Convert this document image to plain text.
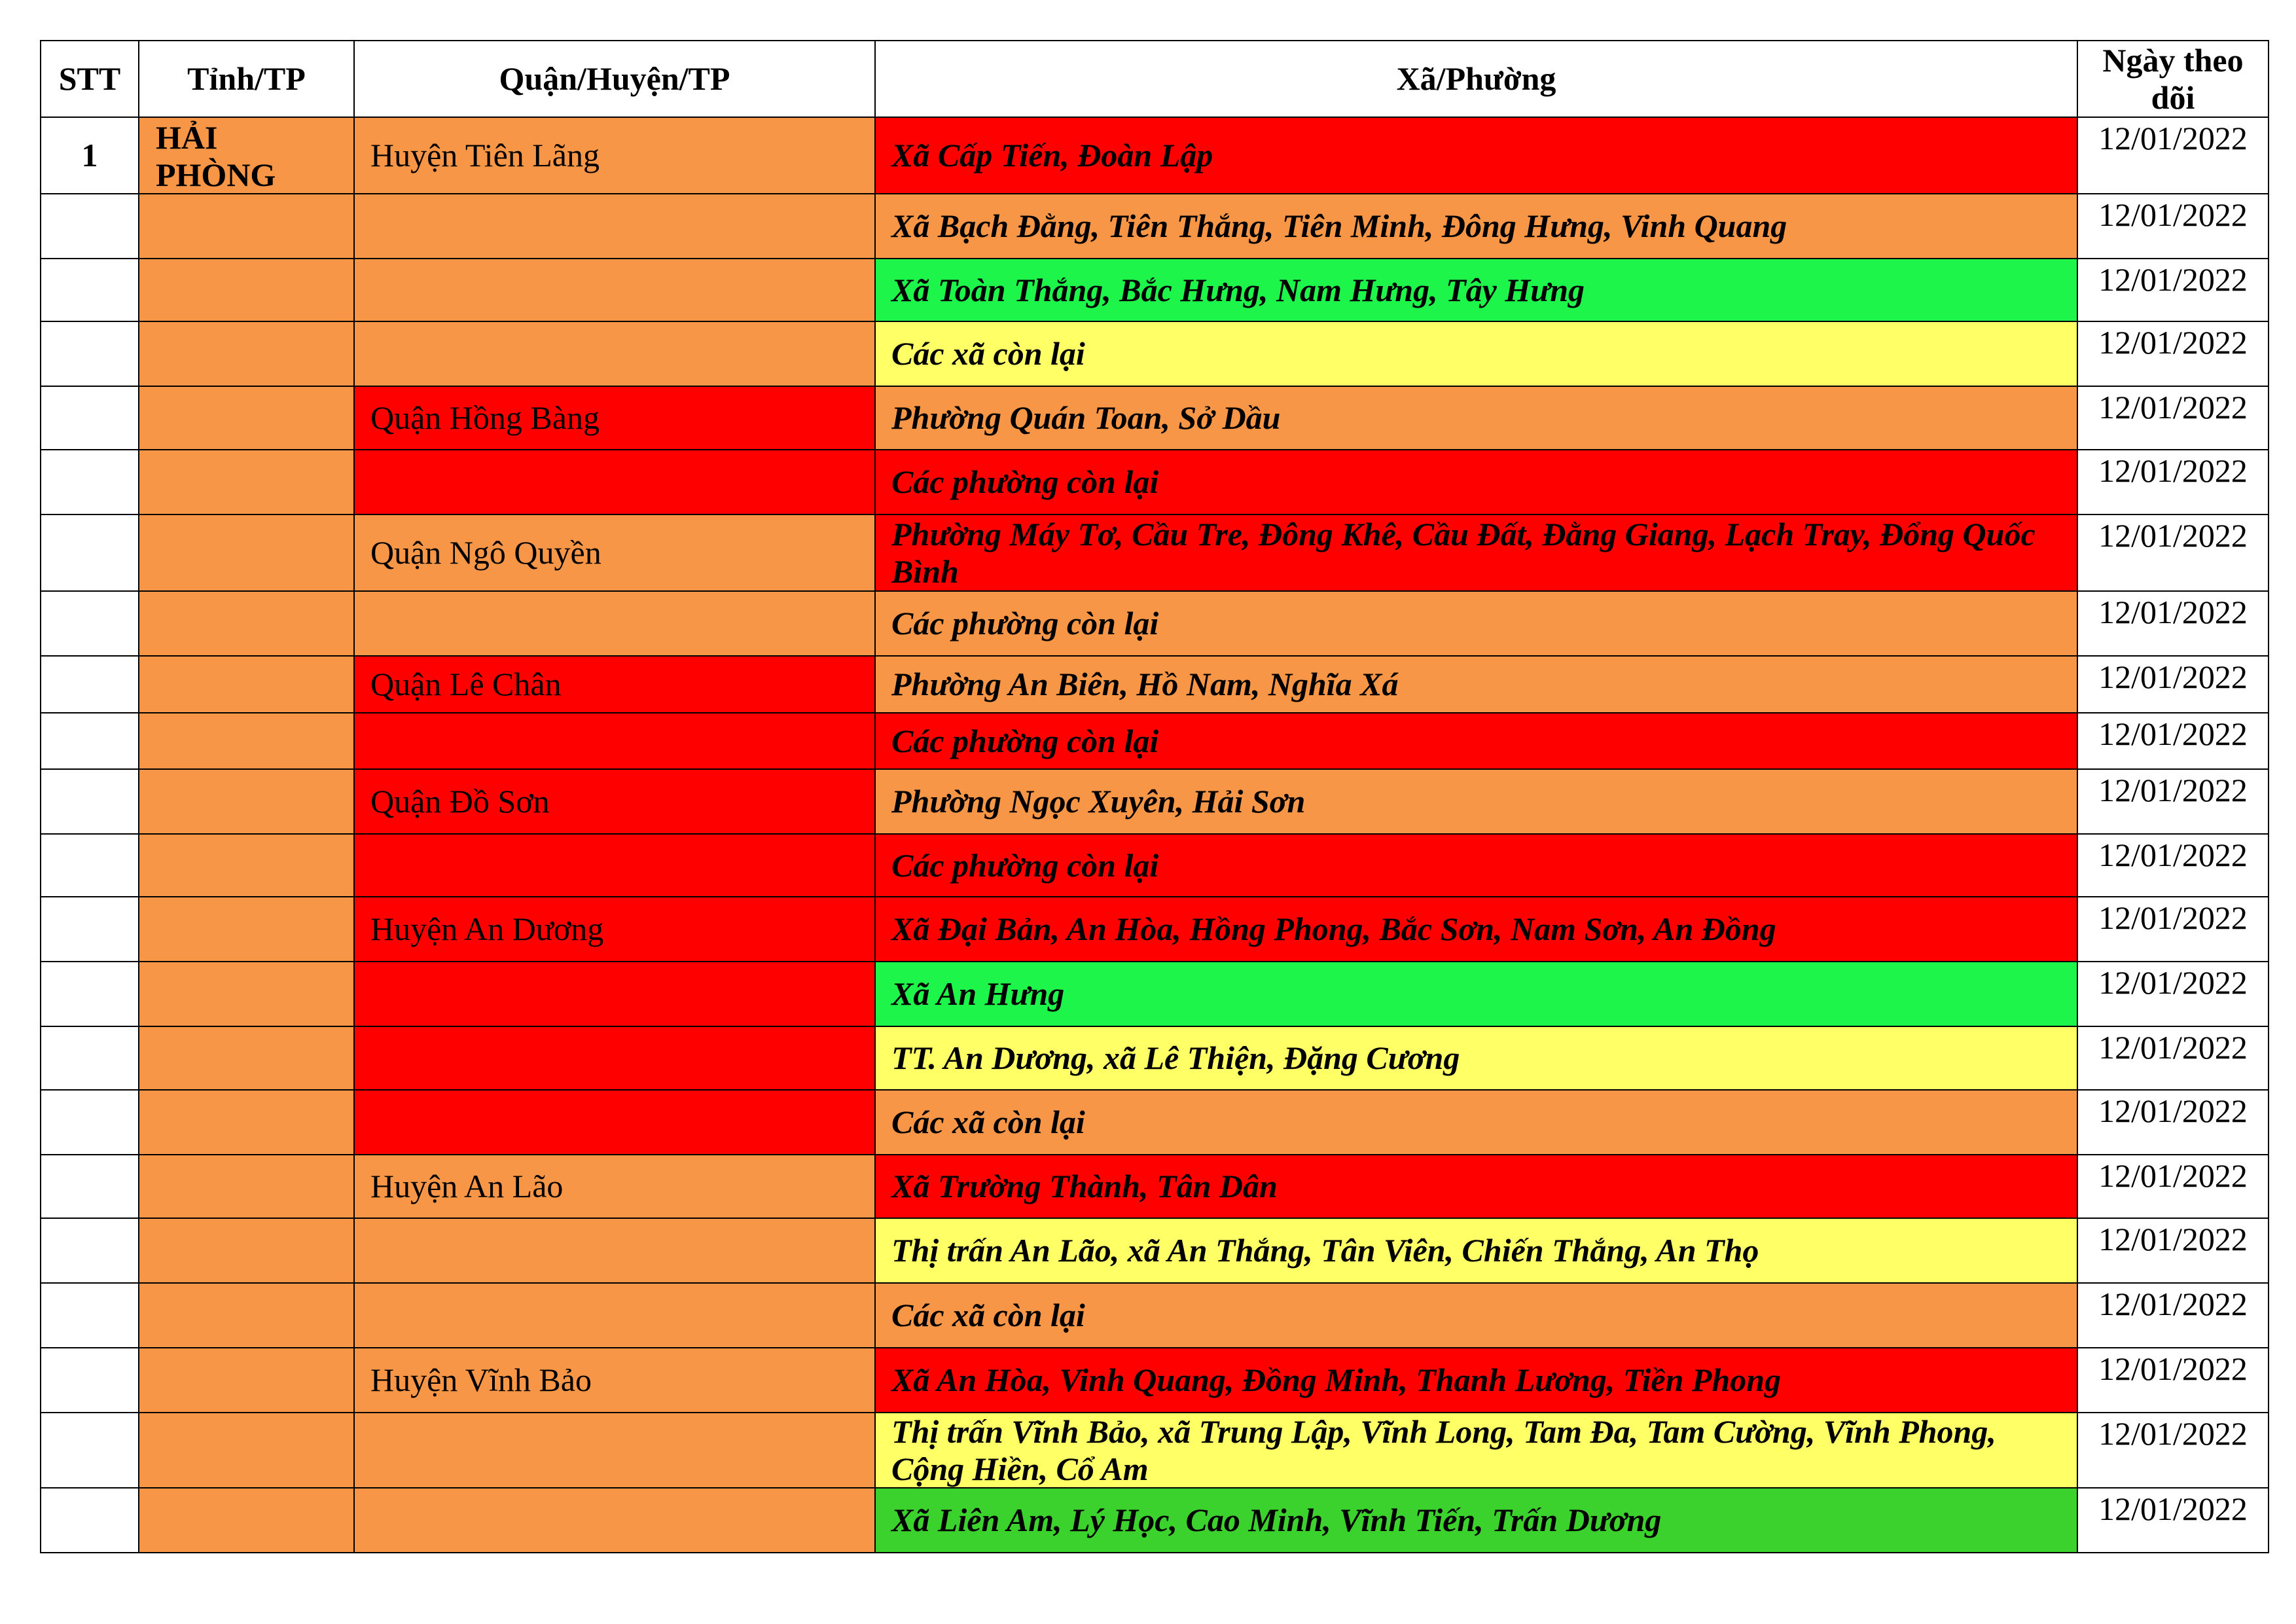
STT	Tỉnh/TP	Quận/Huyện/TP	Xã/Phường	Ngày theo dõi
1	HẢI PHÒNG	Huyện Tiên Lãng	Xã Cấp Tiến, Đoàn Lập	12/01/2022
			Xã Bạch Đằng, Tiên Thắng, Tiên Minh, Đông Hưng, Vinh Quang	12/01/2022
			Xã Toàn Thắng, Bắc Hưng, Nam Hưng, Tây Hưng	12/01/2022
			Các xã còn lại	12/01/2022
		Quận Hồng Bàng	Phường Quán Toan, Sở Dầu	12/01/2022
			Các phường còn lại	12/01/2022
		Quận Ngô Quyền	Phường Máy Tơ, Cầu Tre, Đông Khê, Cầu Đất, Đằng Giang, Lạch Tray, Đổng Quốc Bình	12/01/2022
			Các phường còn lại	12/01/2022
		Quận Lê Chân	Phường An Biên, Hồ Nam, Nghĩa Xá	12/01/2022
			Các phường còn lại	12/01/2022
		Quận Đồ Sơn	Phường Ngọc Xuyên, Hải Sơn	12/01/2022
			Các phường còn lại	12/01/2022
		Huyện An Dương	Xã Đại Bản, An Hòa, Hồng Phong, Bắc Sơn, Nam Sơn, An Đồng	12/01/2022
			Xã An Hưng	12/01/2022
			TT. An Dương, xã Lê Thiện, Đặng Cương	12/01/2022
			Các xã còn lại	12/01/2022
		Huyện An Lão	Xã Trường Thành, Tân Dân	12/01/2022
			Thị trấn An Lão, xã An Thắng, Tân Viên, Chiến Thắng, An Thọ	12/01/2022
			Các xã còn lại	12/01/2022
		Huyện Vĩnh Bảo	Xã An Hòa, Vinh Quang, Đồng Minh, Thanh Lương, Tiền Phong	12/01/2022
			Thị trấn Vĩnh Bảo, xã Trung Lập, Vĩnh Long, Tam Đa, Tam Cường, Vĩnh Phong, Cộng Hiền, Cổ Am	12/01/2022
			Xã Liên Am, Lý Học, Cao Minh, Vĩnh Tiến, Trấn Dương	12/01/2022
